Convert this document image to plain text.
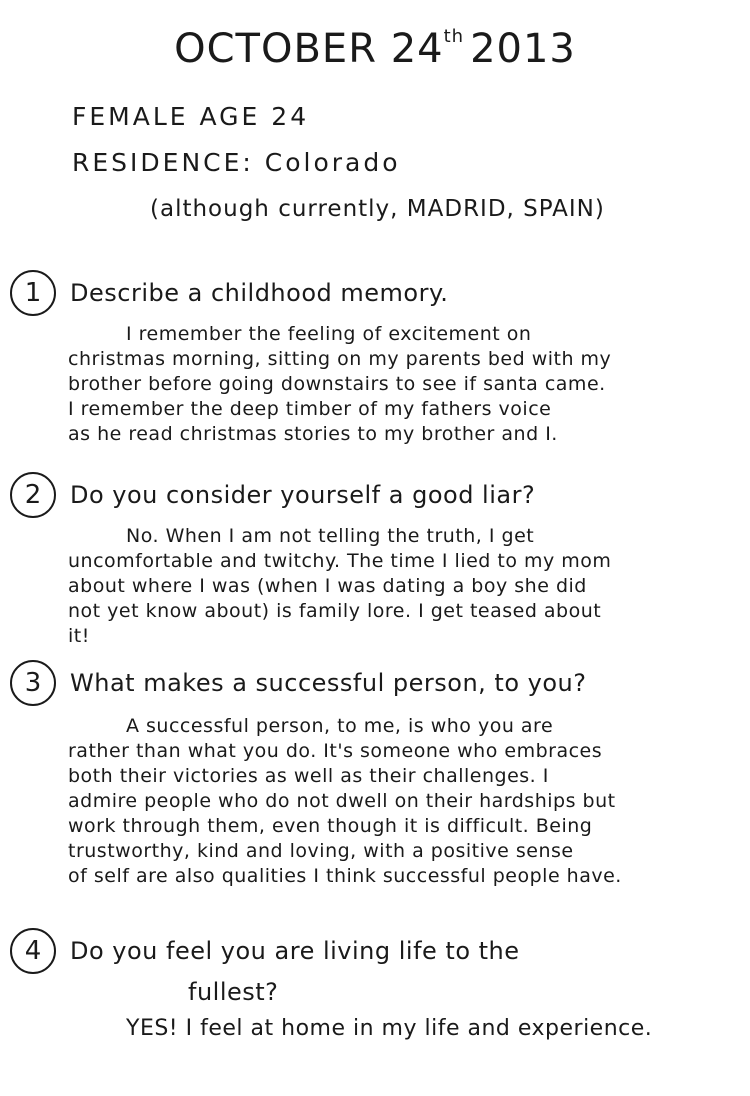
OCTOBER 24th 2013
FEMALE AGE 24
RESIDENCE: Colorado
(although currently, MADRID, SPAIN)
1	Describe a childhood memory.
I remember the feeling of excitement on
christmas morning, sitting on my parents bed with my
brother before going downstairs to see if santa came.
I remember the deep timber of my fathers voice
as he read christmas stories to my brother and I.
2	Do you consider yourself a good liar?
No. When I am not telling the truth, I get
uncomfortable and twitchy. The time I lied to my mom
about where I was (when I was dating a boy she did
not yet know about) is family lore. I get teased about
it!
3	What makes a successful person, to you?
A successful person, to me, is who you are
rather than what you do. It's someone who embraces
both their victories as well as their challenges. I
admire people who do not dwell on their hardships but
work through them, even though it is difficult. Being
trustworthy, kind and loving, with a positive sense
of self are also qualities I think successful people have.
4	Do you feel you are living life to the
fullest?
YES! I feel at home in my life and experience.
